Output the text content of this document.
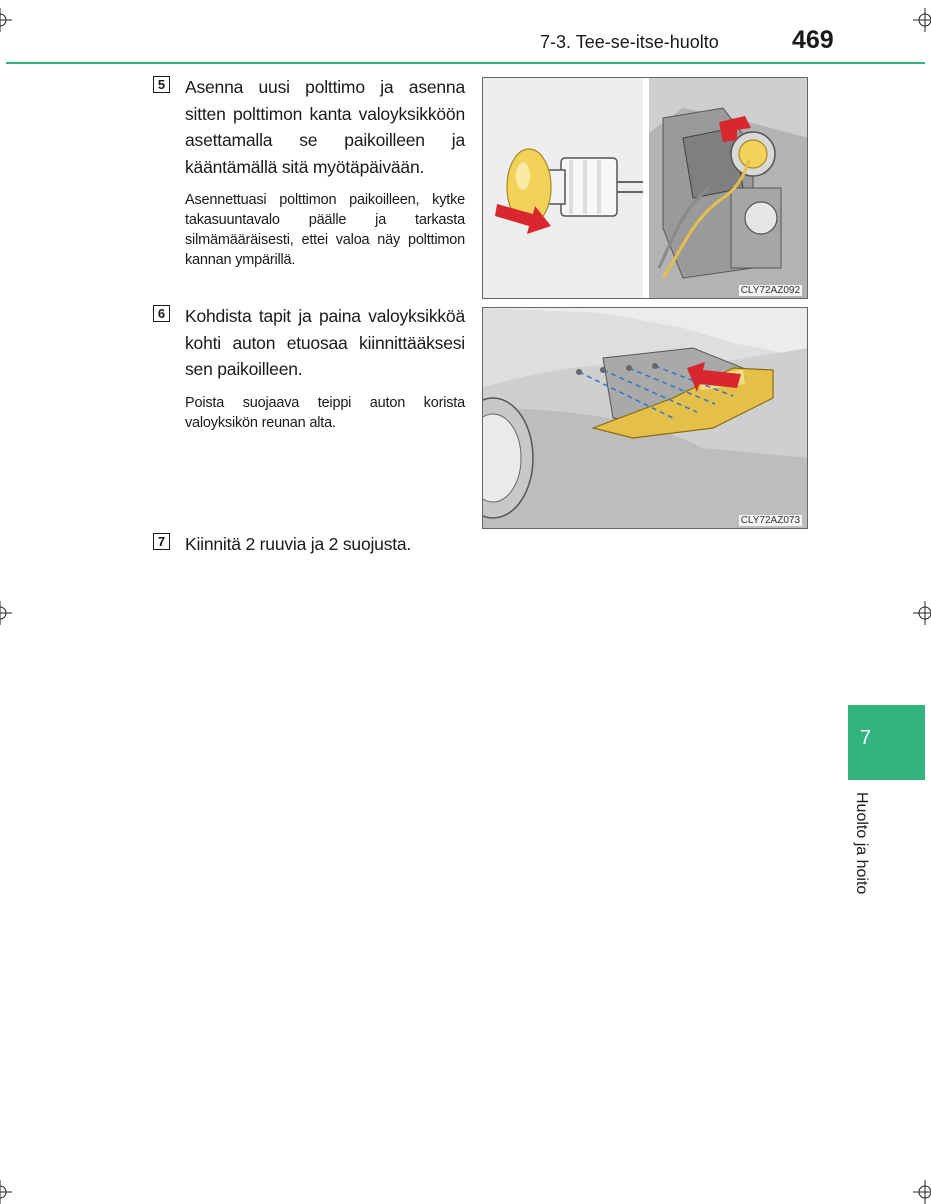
7-3. Tee-se-itse-huolto	469
5 Asenna uusi polttimo ja asenna sitten polttimon kanta valoyksikköön asettamalla se paikoilleen ja kääntämällä sitä myötäpäivään.
Asennettuasi polttimon paikoilleen, kytke takasuuntavalo päälle ja tarkasta silmämääräisesti, ettei valoa näy polttimon kannan ympärillä.
6 Kohdista tapit ja paina valoyksikköä kohti auton etuosaa kiinnittääksesi sen paikoilleen.
Poista suojaava teippi auton korista valoyksikön reunan alta.
7 Kiinnitä 2 ruuvia ja 2 suojusta.
CLY72AZ092
CLY72AZ073
7
Huolto ja hoito
